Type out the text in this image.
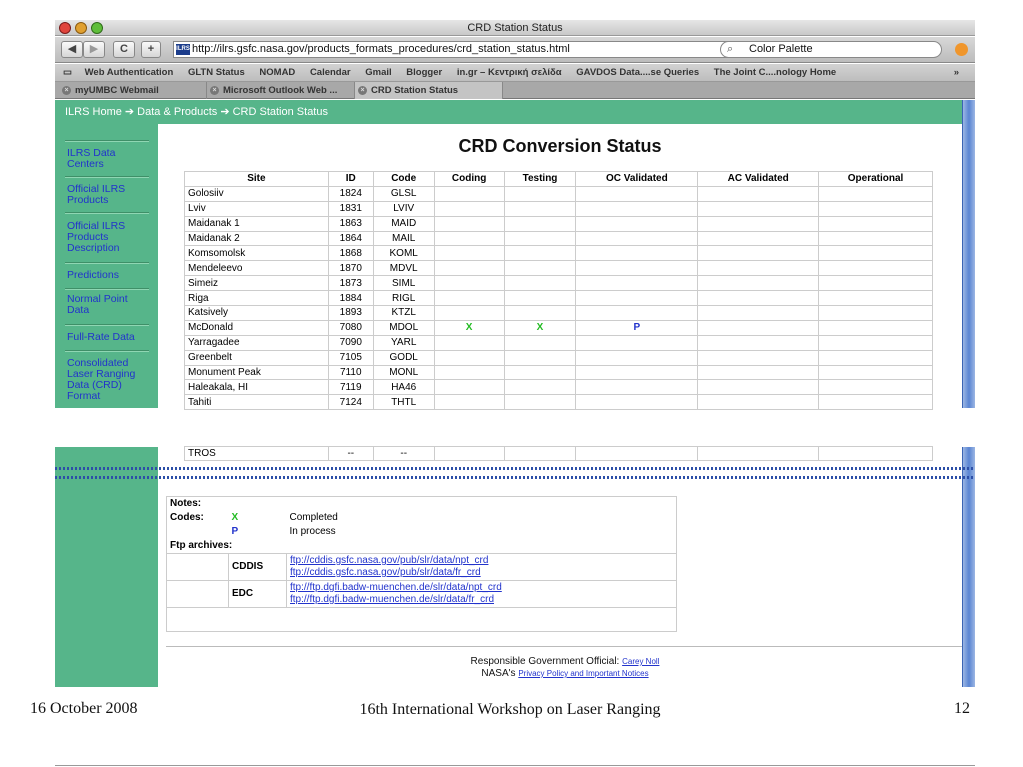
CRD Station Status
◀	▶	C	+	ILRS http://ilrs.gsfc.nasa.gov/products_formats_procedures/crd_station_status.html	⌕ Color Palette
▭ Web Authentication GLTN Status NOMAD Calendar Gmail Blogger in.gr – Κεντρική σελίδα GAVDOS Data....se Queries The Joint C....nology Home	»
× myUMBC Webmail	× Microsoft Outlook Web ...	× CRD Station Status
ILRS Home ➔ Data & Products ➔ CRD Station Status
ILRS Data Centers
Official ILRS Products
Official ILRS Products Description
Predictions
Normal Point Data
Full-Rate Data
Consolidated Laser Ranging Data (CRD) Format
CRD Conversion Status
Site	ID	Code	Coding	Testing	OC Validated	AC Validated	Operational
Golosiiv	1824	GLSL					
Lviv	1831	LVIV					
Maidanak 1	1863	MAID					
Maidanak 2	1864	MAIL					
Komsomolsk	1868	KOML					
Mendeleevo	1870	MDVL					
Simeiz	1873	SIML					
Riga	1884	RIGL					
Katsively	1893	KTZL					
McDonald	7080	MDOL	X	X	P		
Yarragadee	7090	YARL					
Greenbelt	7105	GODL					
Monument Peak	7110	MONL					
Haleakala, HI	7119	HA46					
Tahiti	7124	THTL					
TROS	--	--					
Notes:		
Codes:	X	Completed
	P	In process
Ftp archives:		
	CDDIS	ftp://cddis.gsfc.nasa.gov/pub/slr/data/npt_crd
ftp://cddis.gsfc.nasa.gov/pub/slr/data/fr_crd

	EDC	ftp://ftp.dgfi.badw-muenchen.de/slr/data/npt_crd
ftp://ftp.dgfi.badw-muenchen.de/slr/data/fr_crd

Responsible Government Official: Carey Noll
NASA's Privacy Policy and Important Notices
16 October 2008	16th International Workshop on Laser Ranging	12
